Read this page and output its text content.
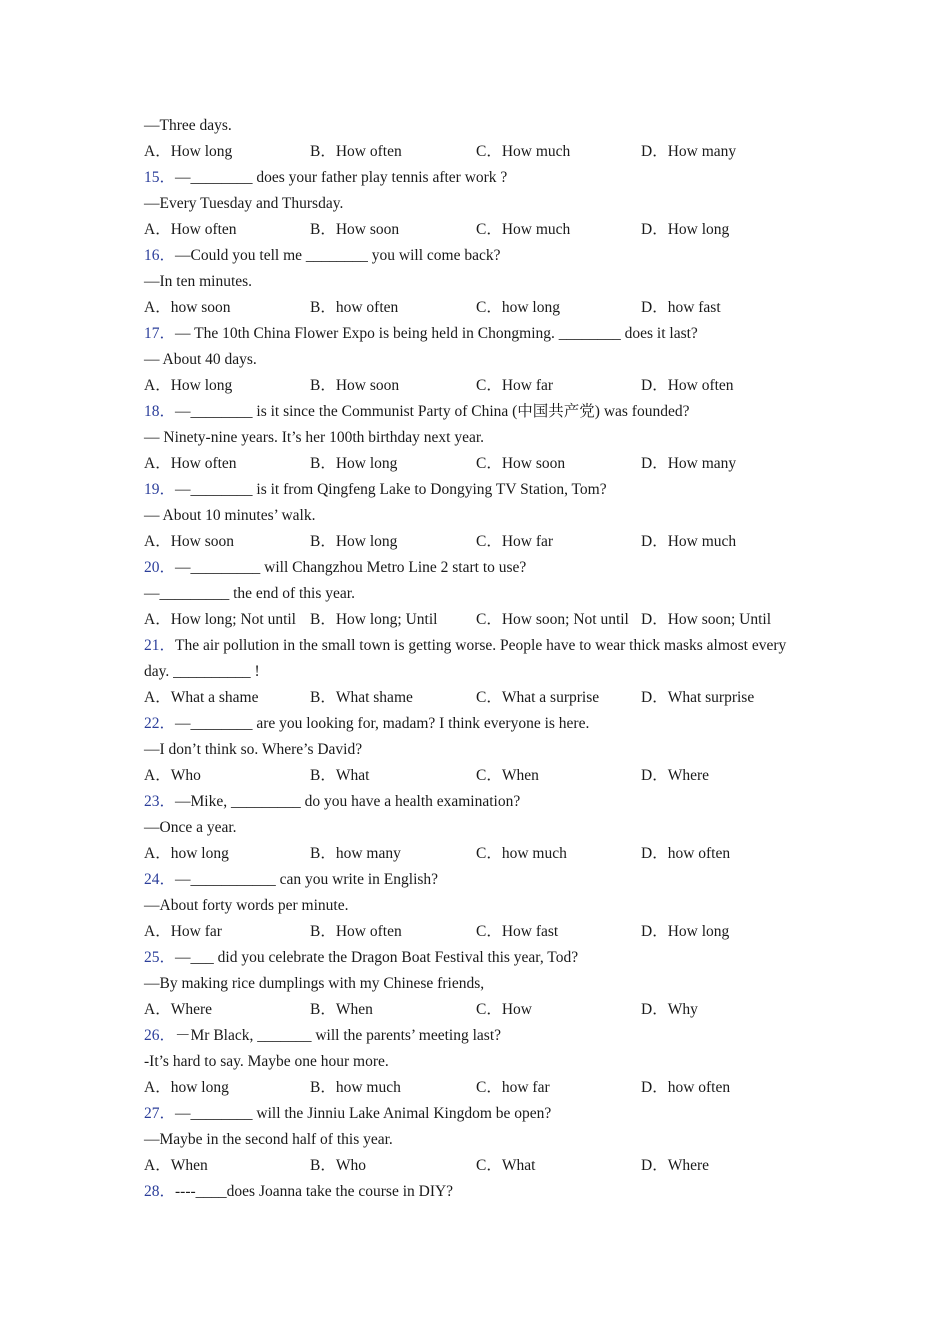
—Three days.
A．How long	B．How often	C．How much	D．How many
15．—________ does your father play tennis after work ?
—Every Tuesday and Thursday.
A．How often	B．How soon	C．How much	D．How long
16．—Could you tell me ________ you will come back?
—In ten minutes.
A．how soon	B．how often	C．how long	D．how fast
17．— The 10th China Flower Expo is being held in Chongming. ________ does it last?
— About 40 days.
A．How long	B．How soon	C．How far	D．How often
18．—________ is it since the Communist Party of China (中国共产党) was founded?
— Ninety-nine years. It’s her 100th birthday next year.
A．How often	B．How long	C．How soon	D．How many
19．—________ is it from Qingfeng Lake to Dongying TV Station, Tom?
— About 10 minutes’ walk.
A．How soon	B．How long	C．How far	D．How much
20．—_________ will Changzhou Metro Line 2 start to use?
—_________ the end of this year.
A．How long; Not until B．How long; Until C．How soon; Not until D．How soon; Until
21．The air pollution in the small town is getting worse. People have to wear thick masks almost every day. __________ !
A．What a shame	B．What shame	C．What a surprise	D．What surprise
22．—________ are you looking for, madam? I think everyone is here.
—I don’t think so. Where’s David?
A．Who	B．What	C．When	D．Where
23．—Mike, _________ do you have a health examination?
—Once a year.
A．how long	B．how many	C．how much	D．how often
24．—___________ can you write in English?
—About forty words per minute.
A．How far	B．How often	C．How fast	D．How long
25．—___ did you celebrate the Dragon Boat Festival this year, Tod?
—By making rice dumplings with my Chinese friends,
A．Where	B．When	C．How	D．Why
26．－Mr Black, _______ will the parents’ meeting last?
-It’s hard to say. Maybe one hour more.
A．how long	B．how much	C．how far	D．how often
27．—________ will the Jinniu Lake Animal Kingdom be open?
—Maybe in the second half of this year.
A．When	B．Who	C．What	D．Where
28．----____does Joanna take the course in DIY?
